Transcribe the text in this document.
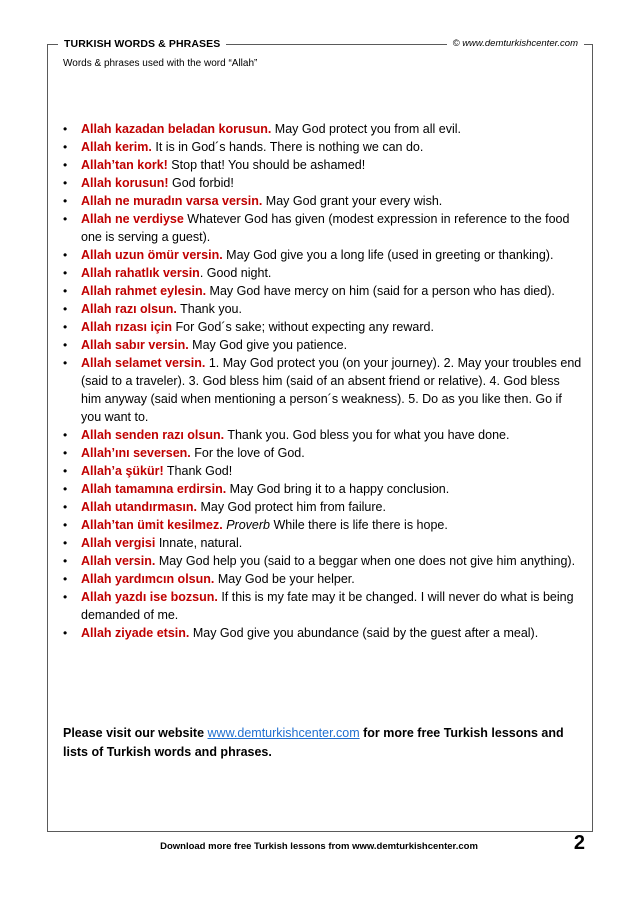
TURKISH WORDS & PHRASES	© www.demturkishcenter.com
Words & phrases used with the word “Allah”
• Allah kazadan beladan korusun. May God protect you from all evil.
• Allah kerim. It is in God´s hands. There is nothing we can do.
• Allah’tan kork! Stop that! You should be ashamed!
• Allah korusun! God forbid!
• Allah ne muradın varsa versin. May God grant your every wish.
• Allah ne verdiyse Whatever God has given (modest expression in reference to the food one is serving a guest).
• Allah uzun ömür versin. May God give you a long life (used in greeting or thanking).
• Allah rahatlık versin. Good night.
• Allah rahmet eylesin. May God have mercy on him (said for a person who has died).
• Allah razı olsun. Thank you.
• Allah rızası için For God´s sake; without expecting any reward.
• Allah sabır versin. May God give you patience.
• Allah selamet versin. 1. May God protect you (on your journey). 2. May your troubles end (said to a traveler). 3. God bless him (said of an absent friend or relative). 4. God bless him anyway (said when mentioning a person´s weakness). 5. Do as you like then. Go if you want to.
• Allah senden razı olsun. Thank you. God bless you for what you have done.
• Allah’ını seversen. For the love of God.
• Allah’a şükür! Thank God!
• Allah tamamına erdirsin. May God bring it to a happy conclusion.
• Allah utandırmasın. May God protect him from failure.
• Allah’tan ümit kesilmez. Proverb While there is life there is hope.
• Allah vergisi Innate, natural.
• Allah versin. May God help you (said to a beggar when one does not give him anything).
• Allah yardımcın olsun. May God be your helper.
• Allah yazdı ise bozsun. If this is my fate may it be changed. I will never do what is being demanded of me.
• Allah ziyade etsin. May God give you abundance (said by the guest after a meal).
Please visit our website www.demturkishcenter.com for more free Turkish lessons and lists of Turkish words and phrases.
Download more free Turkish lessons from www.demturkishcenter.com	2
